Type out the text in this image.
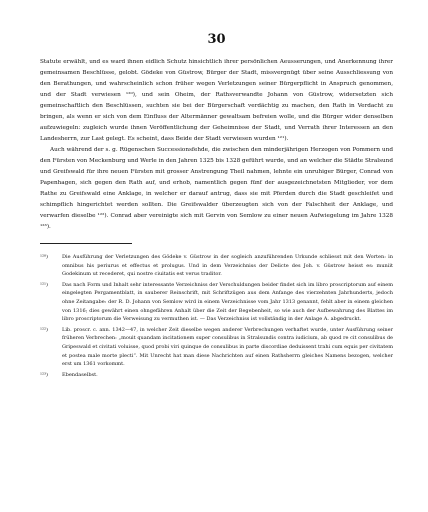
30

Statute erwählt, und es ward ihnen eidlich Schutz hinsichtlich ihrer persönlichen Aeusserungen, und Anerkennung ihrer gemeinsamen Beschlüsse, gelobt. Gödeke von Güstrow, Bürger der Stadt, missvergnügt über seine Ausschliessung von den Berathungen, und wahrscheinlich schon früher wegen Verletzungen seiner Bürgerpflicht in Anspruch genommen, und der Stadt verwiesen ¹²⁰), und sein Oheim, der Rathsverwandte Johann von Güstrow, widersetzten sich gemeinschaftlich den Beschlüssen, suchten sie bei der Bürgerschaft verdächtig zu machen, den Rath in Verdacht zu bringen, als wenn er sich von dem Einfluss der Altermänner gewaltsam befreien wolle, und die Bürger wider denselben aufzuwiegeln: zugleich wurde ihnen Veröffentlichung der Geheimnisse der Stadt, und Verrath ihrer Interessen an den Landesherrn, zur Last gelegt. Es scheint, dass Beide der Stadt verwiesen wurden ¹²¹).

Auch während der s. g. Rügenschen Successionsfehde, die zwischen den minderjährigen Herzogen von Pommern und den Fürsten von Meckenburg und Werle in den Jahren 1325 bis 1328 geführt wurde, und an welcher die Städte Stralsund und Greifswald für ihre neuen Fürsten mit grosser Anstrengung Theil nahmen, lehnte ein unruhiger Bürger, Conrad von Papenhagen, sich gegen den Rath auf, und erhob, namentlich gegen fünf der ausgezeichnetsten Mitglieder, vor dem Rathe zu Greifswald eine Anklage, in welcher er darauf antrug, dass sie mit Pferden durch die Stadt geschleifet und schimpflich hingerichtet werden sollten. Die Greifswalder überzeugten sich von der Falschheit der Anklage, und verwarfen dieselbe ¹²²). Conrad aber vereinigte sich mit Gervin von Semlow zu einer neuen Aufwiegelung im Jahre 1328 ¹²³).

¹²⁰)	Die Ausführung der Verletzungen des Gödeke v. Güstrow in der sogleich anzuführenden Urkunde schliesst mit den Worten: in omnibus his periurus et effectus et prolugus. Und in dem Verzeichniss der Delicte des Joh. v. Güstrow heisst es: muniit Godekinum ut recederet, qui nostre ciuitatis est verus traditor.
¹²¹)	Das nach Form und Inhalt sehr interessante Verzeichniss der Verschuldungen beider findet sich im libro proscriptorum auf einem eingelegten Pergamentblatt, in sauberer Reinschrift, mit Schriftzügen aus dem Anfange des vierzehnten Jahrhunderts, jedoch ohne Zeitangabe: der R. D. Johann von Semlow wird in einem Verzeichnisse vom Jahr 1313 genannt, fehlt aber in einem gleichen von 1316; dies gewährt einen ohngefähren Anhalt über die Zeit der Begebenheit, so wie auch der Aufbewahrung des Blattes im libro proscriptorum die Verweisung zu vermuthen ist. — Das Verzeichniss ist vollständig in der Anlage A. abgedruckt.
¹²²)	Lib. proscr. c. ann. 1342—47, in welcher Zeit dieselbe wegen anderer Verbrechungen verhaftet wurde, unter Ausführung seiner früheren Verbrechen: „mouit quandam incitationem super consulibus in Stralsundis contra iudicium, ab quod re cit consulibus de Gripeswald et civitati voluisse, quod probi viri quinque de consulibus in parte discordiae deduissent trahi cum equis per civitatem et postea male morte plecti“. Mit Unrecht hat man diese Nachrichten auf einen Rathsherrn gleiches Namens bezogen, welcher erst um 1361 vorkommt.
¹²³)	Ebendaselbst.
